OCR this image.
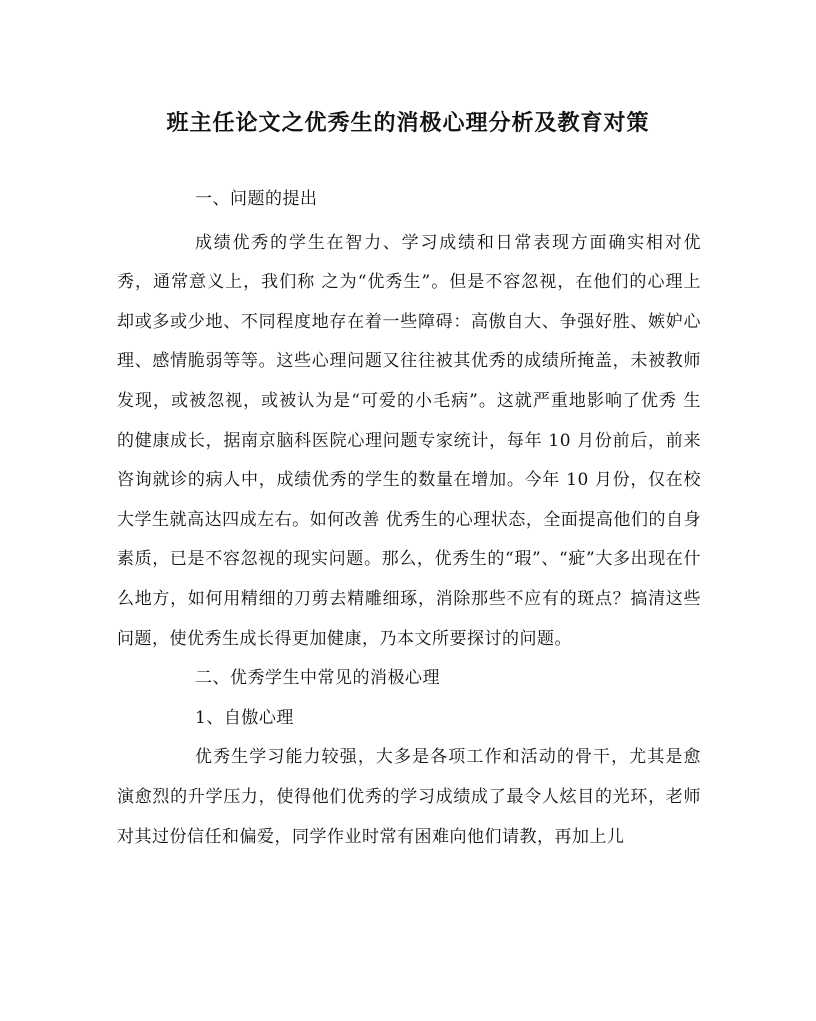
班主任论文之优秀生的消极心理分析及教育对策

一、问题的提出

成绩优秀的学生在智力、学习成绩和日常表现方面确实相对优秀，通常意义上，我们称 之为“优秀生”。但是不容忽视，在他们的心理上却或多或少地、不同程度地存在着一些障碍：高傲自大、争强好胜、嫉妒心理、感情脆弱等等。这些心理问题又往往被其优秀的成绩所掩盖，未被教师发现，或被忽视，或被认为是“可爱的小毛病”。这就严重地影响了优秀 生的健康成长，据南京脑科医院心理问题专家统计，每年 10 月份前后，前来咨询就诊的病人中，成绩优秀的学生的数量在增加。今年 10 月份，仅在校大学生就高达四成左右。如何改善 优秀生的心理状态，全面提高他们的自身素质，已是不容忽视的现实问题。那么，优秀生的“瑕”、“疵”大多出现在什么地方，如何用精细的刀剪去精雕细琢，消除那些不应有的斑点？搞清这些问题，使优秀生成长得更加健康，乃本文所要探讨的问题。

二、优秀学生中常见的消极心理

1、自傲心理

优秀生学习能力较强，大多是各项工作和活动的骨干，尤其是愈演愈烈的升学压力，使得他们优秀的学习成绩成了最令人炫目的光环，老师对其过份信任和偏爱，同学作业时常有困难向他们请教，再加上儿
